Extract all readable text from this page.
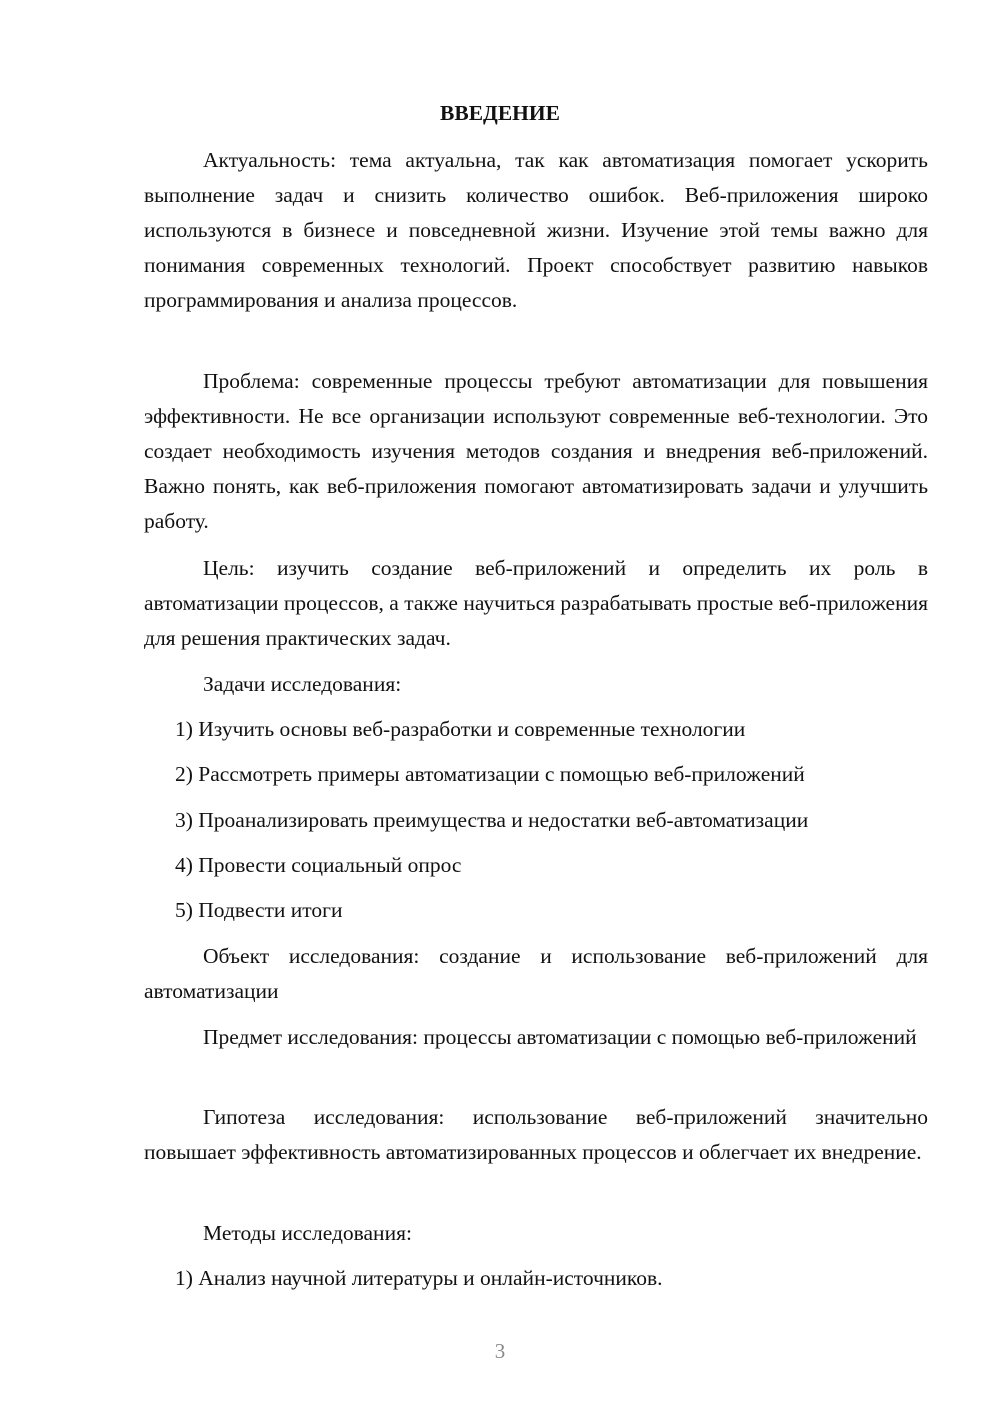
ВВЕДЕНИЕ

Актуальность: тема актуальна, так как автоматизация помогает ускорить выполнение задач и снизить количество ошибок. Веб-приложения широко используются в бизнесе и повседневной жизни. Изучение этой темы важно для понимания современных технологий. Проект способствует развитию навыков программирования и анализа процессов.

Проблема: современные процессы требуют автоматизации для повышения эффективности. Не все организации используют современные веб-технологии. Это создает необходимость изучения методов создания и внедрения веб-приложений. Важно понять, как веб-приложения помогают автоматизировать задачи и улучшить работу.

Цель: изучить создание веб-приложений и определить их роль в автоматизации процессов, а также научиться разрабатывать простые веб-приложения для решения практических задач.

Задачи исследования:

1) Изучить основы веб-разработки и современные технологии

2) Рассмотреть примеры автоматизации с помощью веб-приложений

3) Проанализировать преимущества и недостатки веб-автоматизации

4) Провести социальный опрос

5) Подвести итоги

Объект исследования: создание и использование веб-приложений для автоматизации

Предмет исследования: процессы автоматизации с помощью веб-приложений

Гипотеза исследования: использование веб-приложений значительно повышает эффективность автоматизированных процессов и облегчает их внедрение.

Методы исследования:

1) Анализ научной литературы и онлайн-источников.

3
